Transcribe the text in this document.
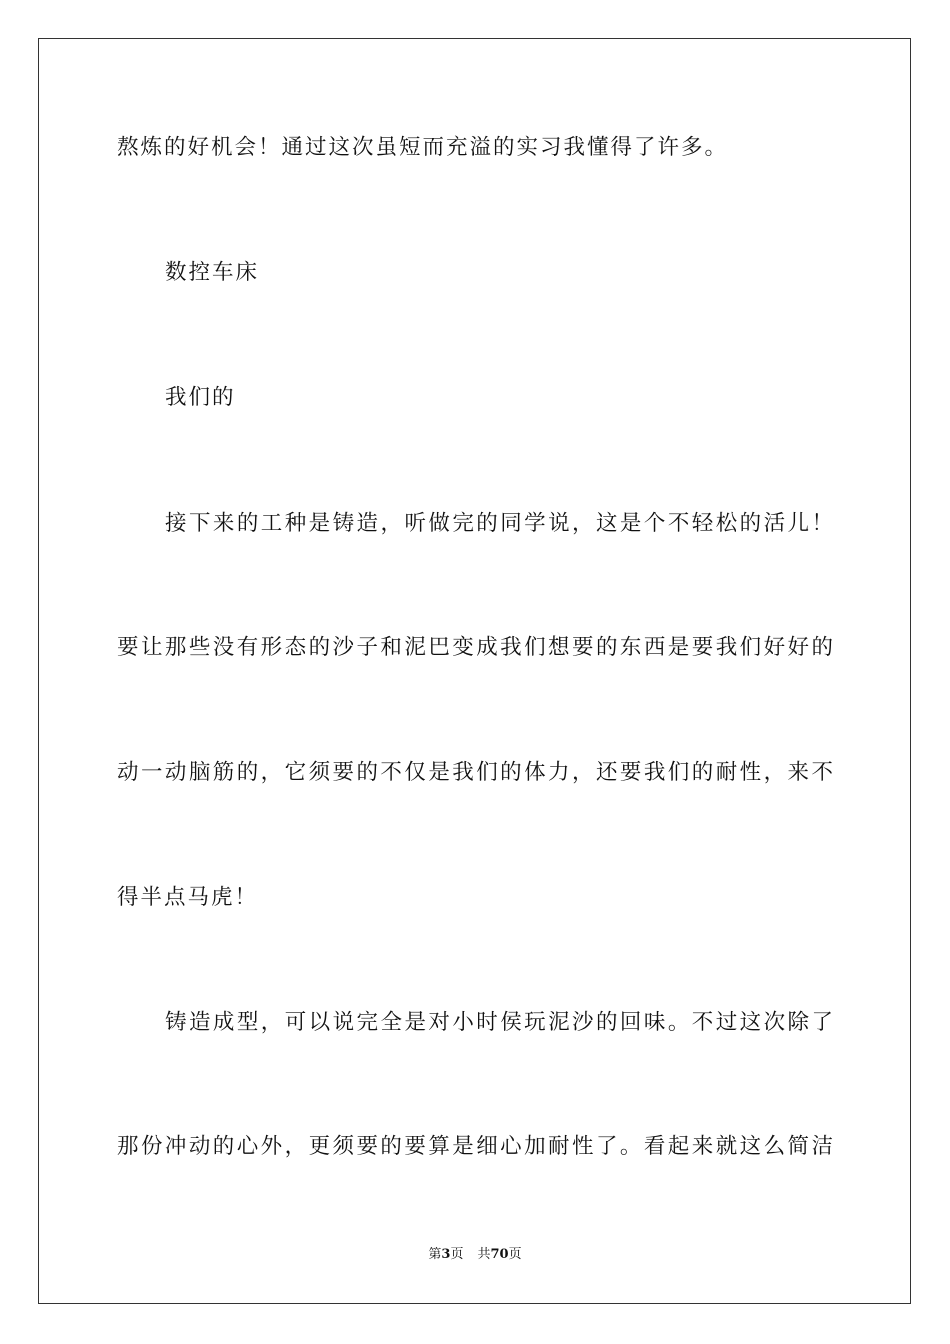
熬炼的好机会！通过这次虽短而充溢的实习我懂得了许多。
数控车床
我们的
接下来的工种是铸造，听做完的同学说，这是个不轻松的活儿！
要让那些没有形态的沙子和泥巴变成我们想要的东西是要我们好好的
动一动脑筋的，它须要的不仅是我们的体力，还要我们的耐性，来不
得半点马虎！
铸造成型，可以说完全是对小时侯玩泥沙的回味。不过这次除了
那份冲动的心外，更须要的要算是细心加耐性了。看起来就这么简洁
第3页 共70页
